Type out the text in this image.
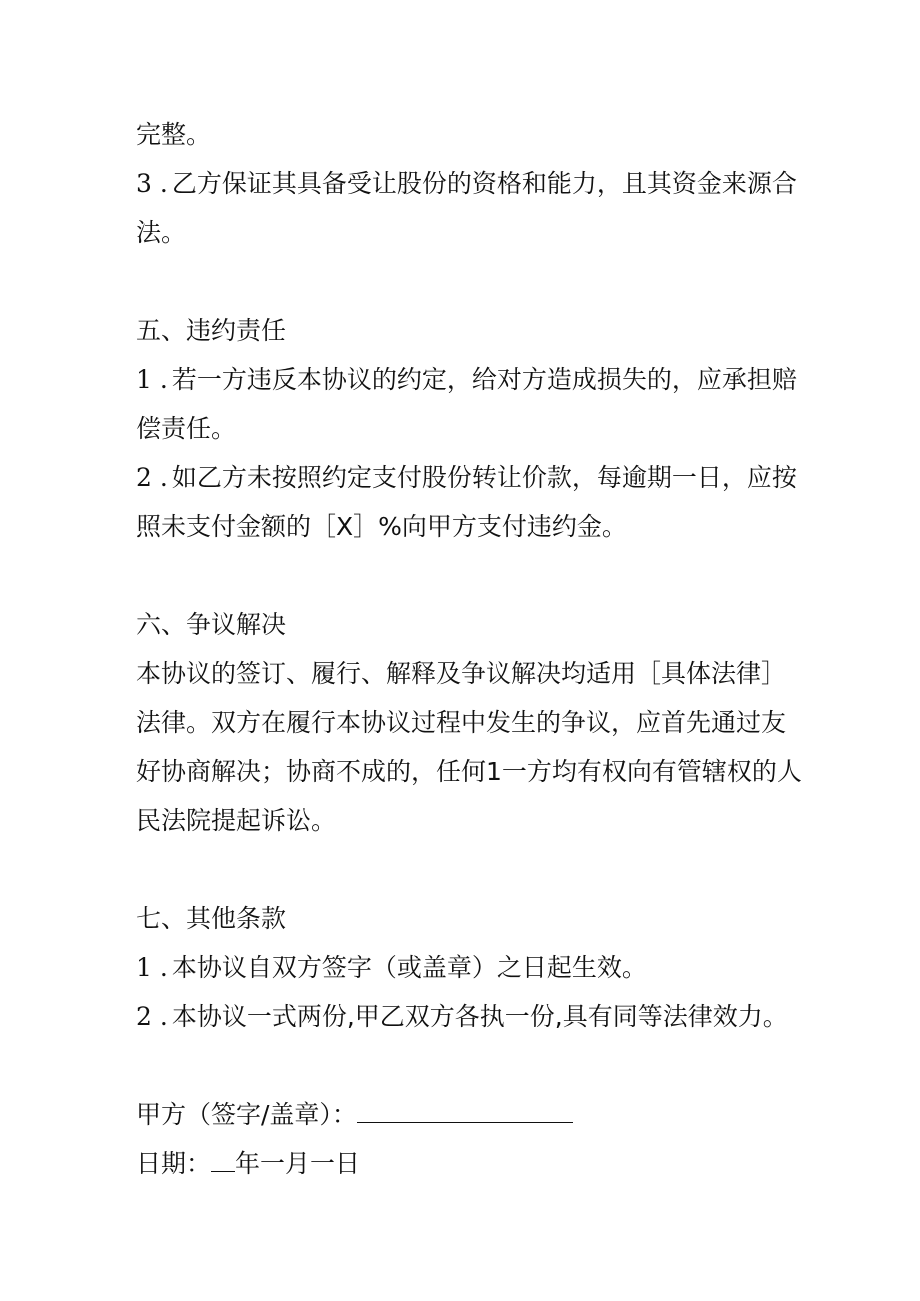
完整。

3 . 乙方保证其具备受让股份的资格和能力，且其资金来源合

法。

五、违约责任

1 . 若一方违反本协议的约定，给对方造成损失的，应承担赔

偿责任。

2 . 如乙方未按照约定支付股份转让价款，每逾期一日，应按

照未支付金额的［X］%向甲方支付违约金。

六、争议解决

本协议的签订、履行、解释及争议解决均适用［具体法律］

法律。双方在履行本协议过程中发生的争议，应首先通过友

好协商解决；协商不成的，任何1一方均有权向有管辖权的人

民法院提起诉讼。

七、其他条款

1 . 本协议自双方签字（或盖章）之日起生效。

2 . 本协议一式两份,甲乙双方各执一份,具有同等法律效力。

甲方（签字/盖章）：

日期： 年一月一日
